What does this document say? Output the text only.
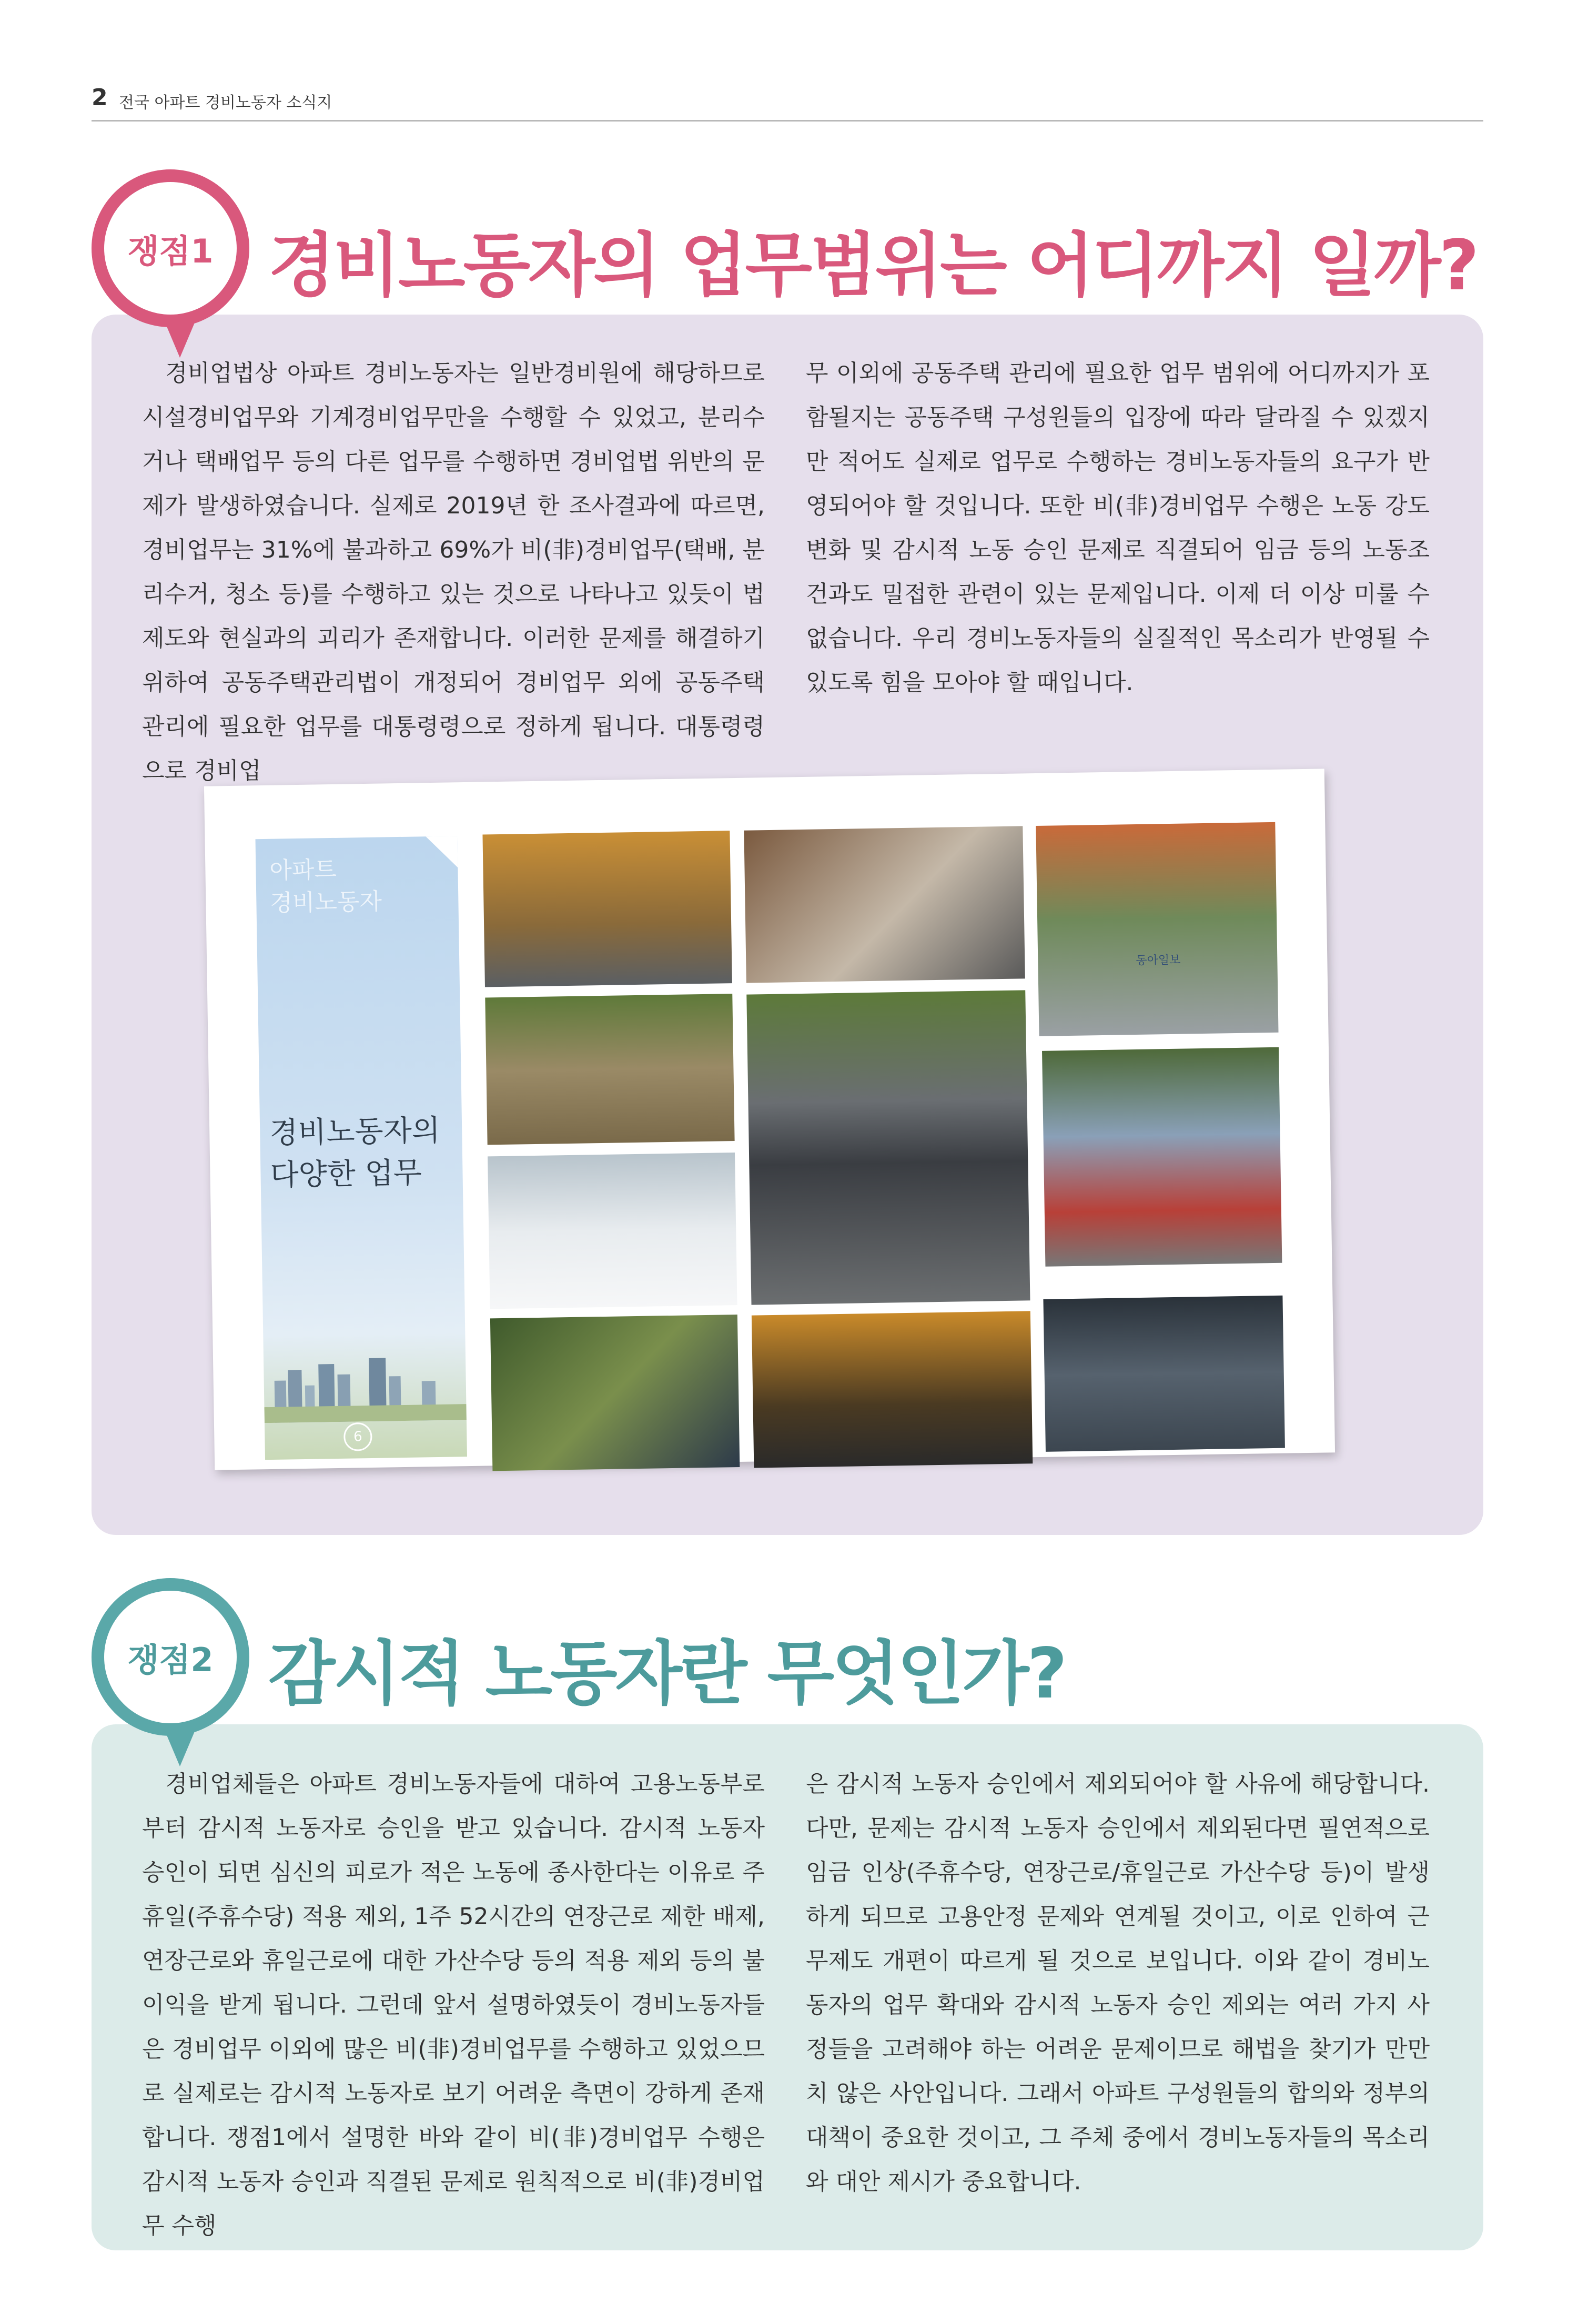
2 전국 아파트 경비노동자 소식지
쟁점1 경비노동자의 업무범위는 어디까지 일까?

경비업법상 아파트 경비노동자는 일반경비원에 해당하므로 시설경비업무와 기계경비업무만을 수행할 수 있었고, 분리수거나 택배업무 등의 다른 업무를 수행하면 경비업법 위반의 문제가 발생하였습니다. 실제로 2019년 한 조사결과에 따르면, 경비업무는 31%에 불과하고 69%가 비(非)경비업무(택배, 분리수거, 청소 등)를 수행하고 있는 것으로 나타나고 있듯이 법제도와 현실과의 괴리가 존재합니다. 이러한 문제를 해결하기 위하여 공동주택관리법이 개정되어 경비업무 외에 공동주택 관리에 필요한 업무를 대통령령으로 정하게 됩니다. 대통령령으로 경비업

무 이외에 공동주택 관리에 필요한 업무 범위에 어디까지가 포함될지는 공동주택 구성원들의 입장에 따라 달라질 수 있겠지만 적어도 실제로 업무로 수행하는 경비노동자들의 요구가 반영되어야 할 것입니다. 또한 비(非)경비업무 수행은 노동 강도 변화 및 감시적 노동 승인 문제로 직결되어 임금 등의 노동조건과도 밀접한 관련이 있는 문제입니다. 이제 더 이상 미룰 수 없습니다. 우리 경비노동자들의 실질적인 목소리가 반영될 수 있도록 힘을 모아야 할 때입니다.

아파트
경비노동자
경비노동자의
다양한 업무
6
동아일보
쟁점2 감시적 노동자란 무엇인가?

경비업체들은 아파트 경비노동자들에 대하여 고용노동부로부터 감시적 노동자로 승인을 받고 있습니다. 감시적 노동자 승인이 되면 심신의 피로가 적은 노동에 종사한다는 이유로 주휴일(주휴수당) 적용 제외, 1주 52시간의 연장근로 제한 배제, 연장근로와 휴일근로에 대한 가산수당 등의 적용 제외 등의 불이익을 받게 됩니다. 그런데 앞서 설명하였듯이 경비노동자들은 경비업무 이외에 많은 비(非)경비업무를 수행하고 있었으므로 실제로는 감시적 노동자로 보기 어려운 측면이 강하게 존재합니다. 쟁점1에서 설명한 바와 같이 비(非)경비업무 수행은 감시적 노동자 승인과 직결된 문제로 원칙적으로 비(非)경비업무 수행

은 감시적 노동자 승인에서 제외되어야 할 사유에 해당합니다. 다만, 문제는 감시적 노동자 승인에서 제외된다면 필연적으로 임금 인상(주휴수당, 연장근로/휴일근로 가산수당 등)이 발생하게 되므로 고용안정 문제와 연계될 것이고, 이로 인하여 근무제도 개편이 따르게 될 것으로 보입니다. 이와 같이 경비노동자의 업무 확대와 감시적 노동자 승인 제외는 여러 가지 사정들을 고려해야 하는 어려운 문제이므로 해법을 찾기가 만만치 않은 사안입니다. 그래서 아파트 구성원들의 합의와 정부의 대책이 중요한 것이고, 그 주체 중에서 경비노동자들의 목소리와 대안 제시가 중요합니다.
